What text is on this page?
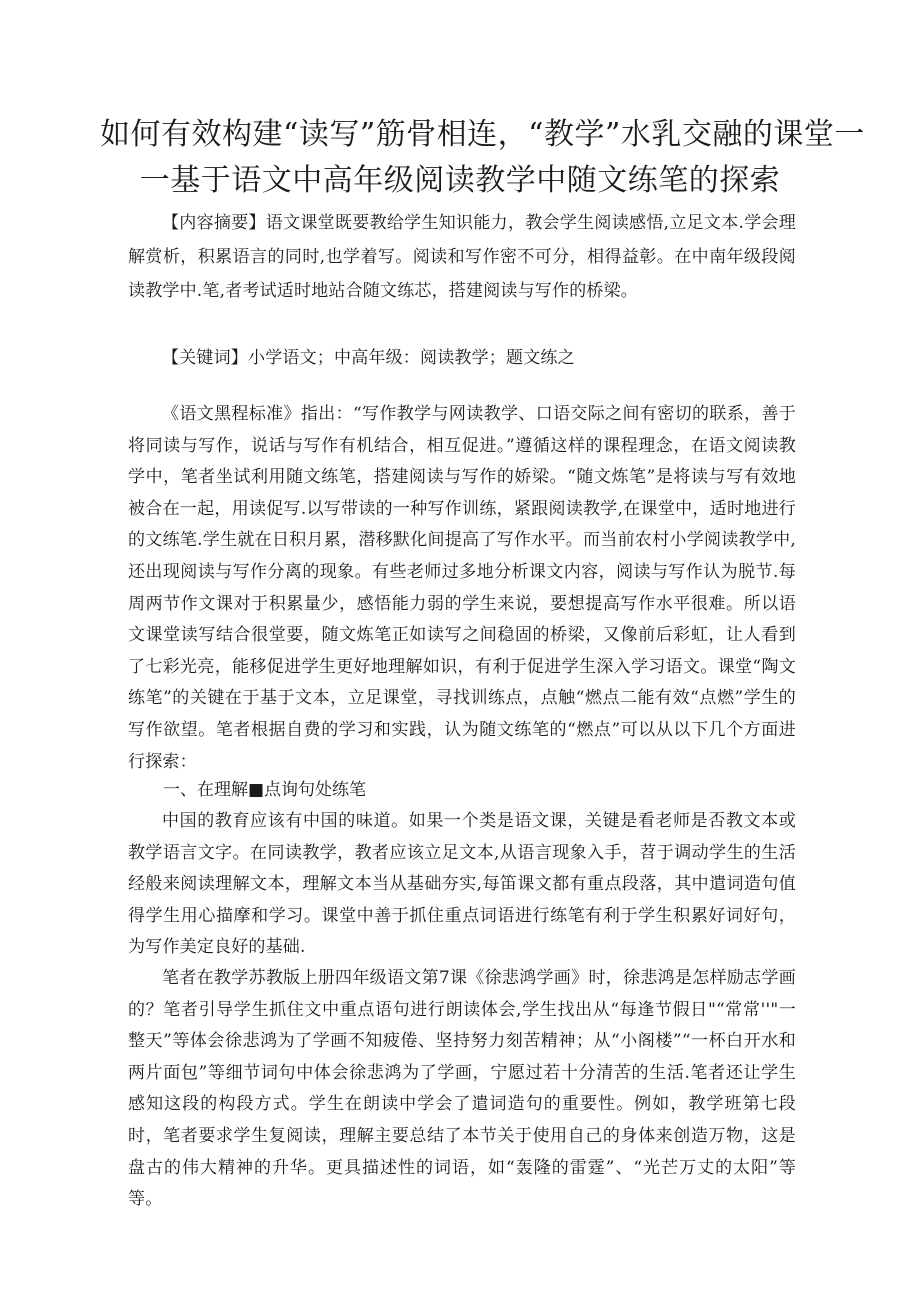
如何有效构建“读写”筋骨相连，“教学”水乳交融的课堂一
一基于语文中高年级阅读教学中随文练笔的探索

【内容摘要】语文课堂既要教给学生知识能力，教会学生阅读感悟,立足文本.学会理解赏析，积累语言的同时,也学着写。阅读和写作密不可分，相得益彰。在中南年级段阅读教学中.笔,者考试适时地站合随文练芯，搭建阅读与写作的桥梁。

【关键词】小学语文；中高年级：阅读教学；题文练之

《语文黑程标准》指出：“写作教学与网读教学、口语交际之间有密切的联系，善于将同读与写作，说话与写作有机结合，相互促进。”遵循这样的课程理念，在语文阅读教学中，笔者坐试利用随文练笔，搭建阅读与写作的娇梁。“随文炼笔”是将读与写有效地被合在一起，用读促写.以写带读的一种写作训练，紧跟阅读教学,在课堂中，适时地进行的文练笔.学生就在日积月累，潜移默化间提高了写作水平。而当前农村小学阅读教学中,还出现阅读与写作分离的现象。有些老师过多地分析课文内容，阅读与写作认为脱节.每周两节作文课对于积累量少，感悟能力弱的学生来说，要想提高写作水平很难。所以语文课堂读写结合很堂要，随文炼笔正如读写之间稳固的桥梁，又像前后彩虹，让人看到了七彩光亮，能移促进学生更好地理解如识，有利于促进学生深入学习语文。课堂“陶文练笔”的关键在于基于文本，立足课堂，寻找训练点，点触“燃点二能有效“点燃”学生的写作欲望。笔者根据自费的学习和实践，认为随文练笔的“燃点”可以从以下几个方面进行探索：

一、在理解■点询句处练笔

中国的教育应该有中国的味道。如果一个类是语文课，关键是看老师是否教文本或教学语言文字。在同读教学，教者应该立足文本,从语言现象入手，苕于调动学生的生活经般来阅读理解文本，理解文本当从基础夯实,每笛课文都有重点段落，其中遣词造句值得学生用心描摩和学习。课堂中善于抓住重点词语进行练笔有利于学生积累好词好句，为写作美定良好的基础.

笔者在教学苏教版上册四年级语文第7课《徐悲鸿学画》时，徐悲鸿是怎样励志学画的？笔者引导学生抓住文中重点语句进行朗读体会,学生找出从“每逢节假日"“常常''"一整天”等体会徐悲鸿为了学画不知疲倦、坚持努力刻苦精神；从“小阁楼”“一杯白开水和两片面包”等细节词句中体会徐悲鸿为了学画，宁愿过若十分清苦的生活.笔者还让学生感知这段的构段方式。学生在朗读中学会了遣词造句的重要性。例如，教学班第七段时，笔者要求学生复阅读，理解主要总结了本节关于使用自己的身体来创造万物，这是盘古的伟大精神的升华。更具描述性的词语，如“轰隆的雷霆”、“光芒万丈的太阳”等等。
